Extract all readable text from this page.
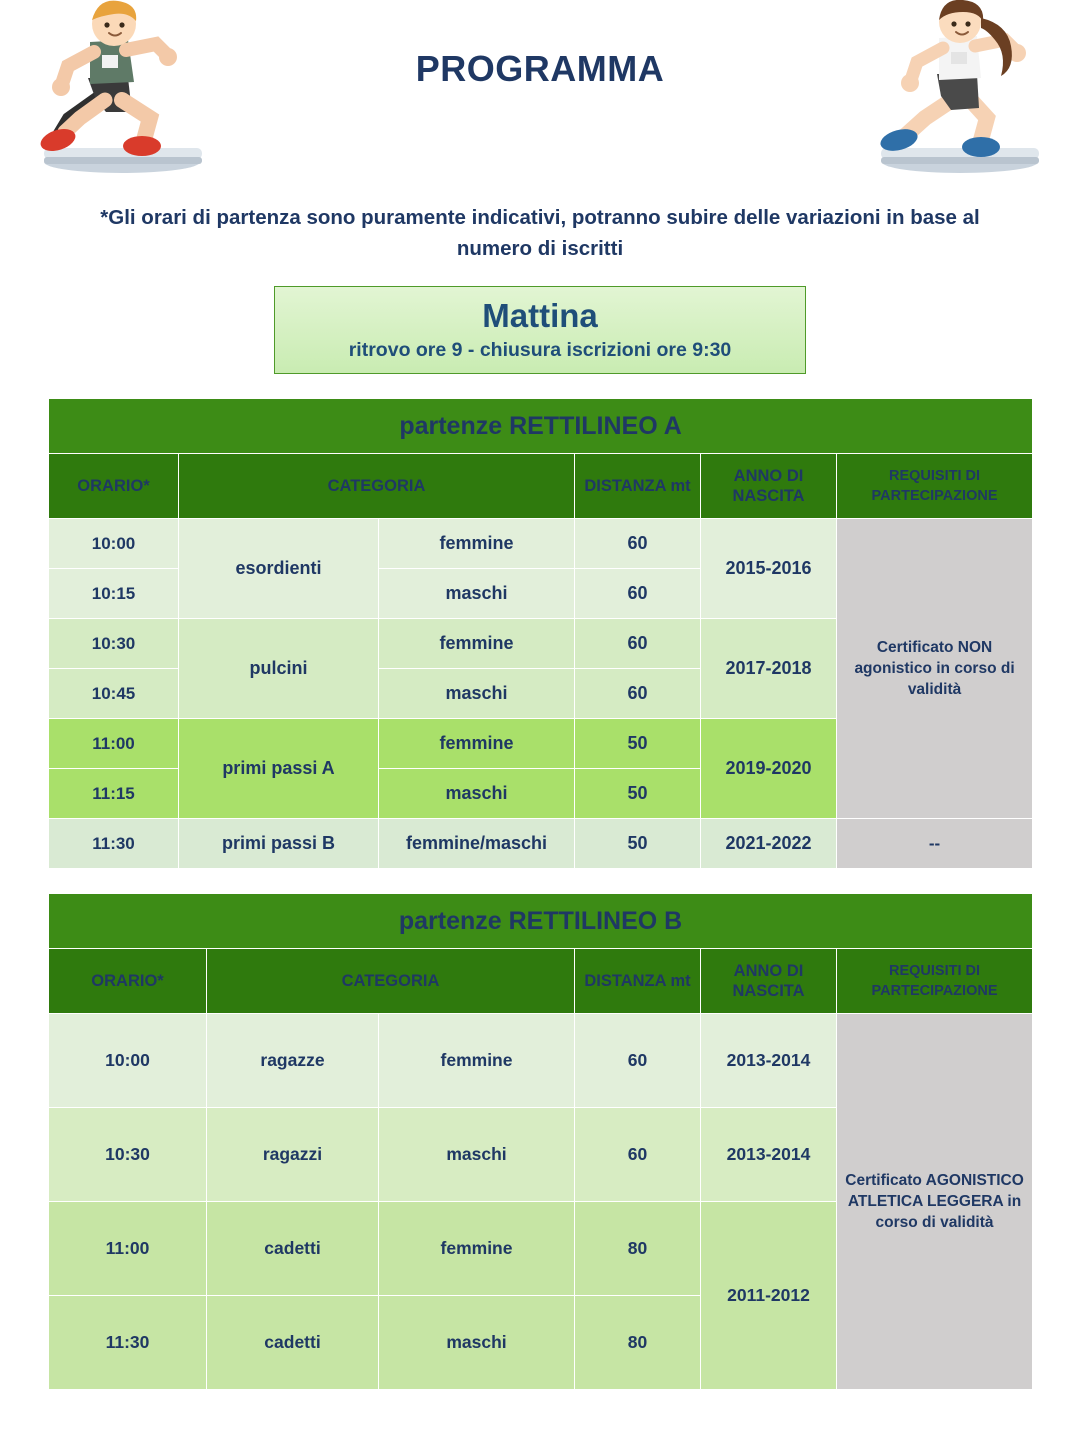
PROGRAMMA
*Gli orari di partenza sono puramente indicativi, potranno subire delle variazioni in base al numero di iscritti
Mattina
ritrovo ore 9 - chiusura iscrizioni ore 9:30
partenze RETTILINEO A					
ORARIO*	CATEGORIA		DISTANZA mt	ANNO DI NASCITA	REQUISITI DI PARTECIPAZIONE
10:00	esordienti	femmine	60	2015-2016	Certificato NON agonistico in corso di validità
10:15		maschi	60		
10:30	pulcini	femmine	60	2017-2018	
10:45		maschi	60		
11:00	primi passi A	femmine	50	2019-2020	
11:15		maschi	50		
11:30	primi passi B	femmine/maschi	50	2021-2022	--
partenze RETTILINEO B					
ORARIO*	CATEGORIA		DISTANZA mt	ANNO DI NASCITA	REQUISITI DI PARTECIPAZIONE
10:00	ragazze	femmine	60	2013-2014	Certificato AGONISTICO ATLETICA LEGGERA in corso di validità
10:30	ragazzi	maschi	60	2013-2014	
11:00	cadetti	femmine	80	2011-2012	
11:30	cadetti	maschi	80		
